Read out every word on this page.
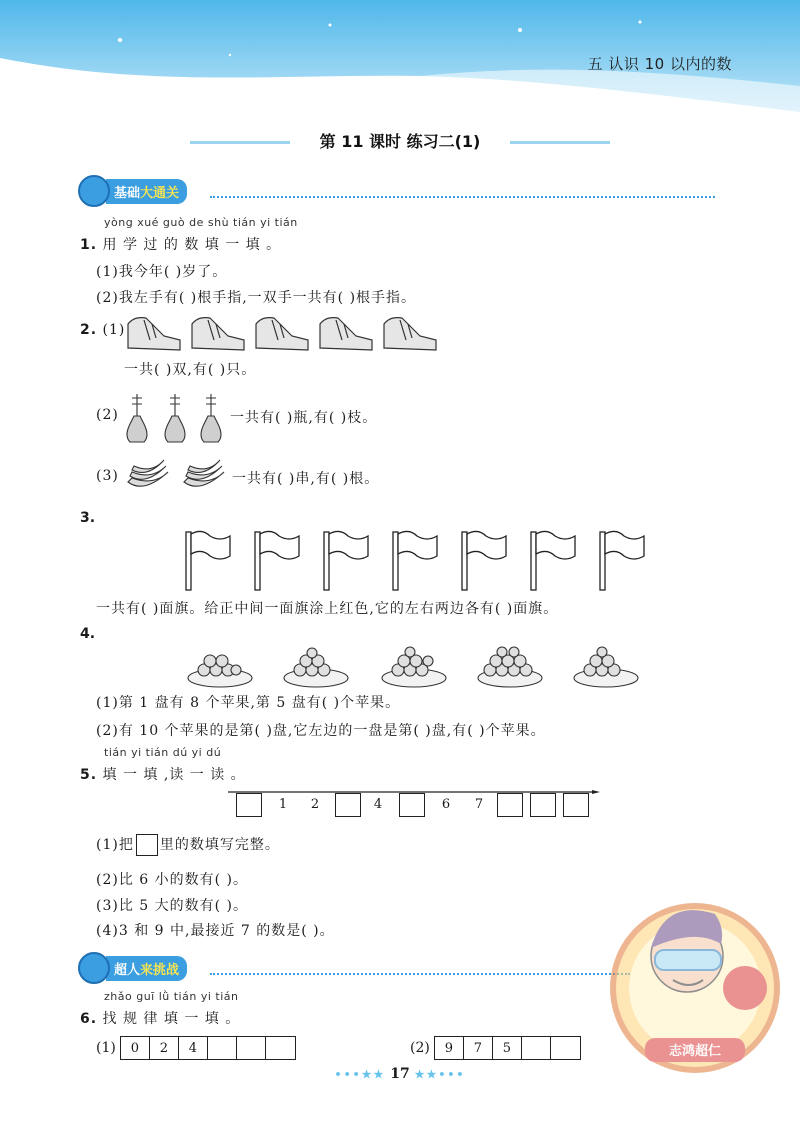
五 认识 10 以内的数
第 11 课时 练习二(1)
基础大通关
yòng xué guò de shù tián yi tián
1. 用 学 过 的 数 填 一 填 。
(1)我今年( )岁了。
(2)我左手有( )根手指,一双手一共有( )根手指。
2. (1)
一共( )双,有( )只。
(2)	一共有( )瓶,有( )枝。
(3)	一共有( )串,有( )根。
3.
一共有( )面旗。给正中间一面旗涂上红色,它的左右两边各有( )面旗。
4.
(1)第 1 盘有 8 个苹果,第 5 盘有( )个苹果。
(2)有 10 个苹果的是第( )盘,它左边的一盘是第( )盘,有( )个苹果。
tián yi tián dú yi dú
5. 填 一 填 ,读 一 读 。
1 2	4	6 7
(1)把 里的数填写完整。
(2)比 6 小的数有( )。
(3)比 5 大的数有( )。
(4)3 和 9 中,最接近 7 的数是( )。
超人来挑战
zhǎo guī lǜ tián yi tián
6. 找 规 律 填 一 填 。
(1)	0	2	4	(2)	9	7	5	志鸿超仁
•••★★ 17 ★★•••
